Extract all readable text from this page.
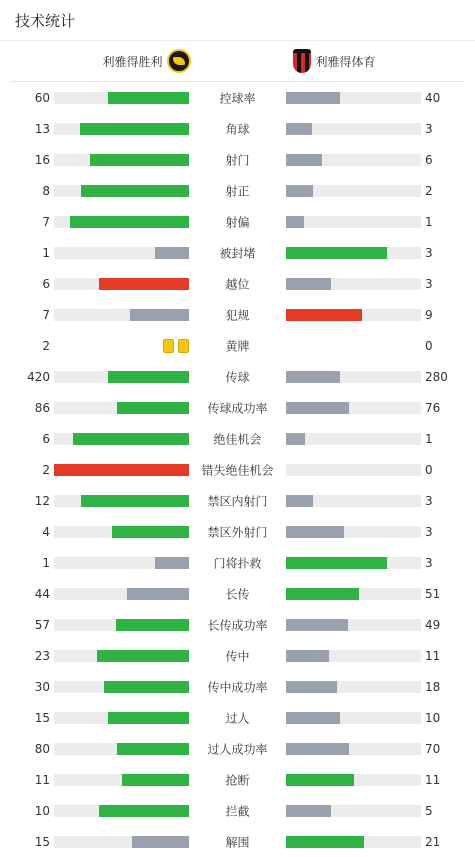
技术统计
利雅得胜利	利雅得体育
60	控球率	40
13	角球	3
16	射门	6
8	射正	2
7	射偏	1
1	被封堵	3
6	越位	3
7	犯规	9
2	黄牌	0
420	传球	280
86	传球成功率	76
6	绝佳机会	1
2	错失绝佳机会	0
12	禁区内射门	3
4	禁区外射门	3
1	门将扑救	3
44	长传	51
57	长传成功率	49
23	传中	11
30	传中成功率	18
15	过人	10
80	过人成功率	70
11	抢断	11
10	拦截	5
15	解围	21
